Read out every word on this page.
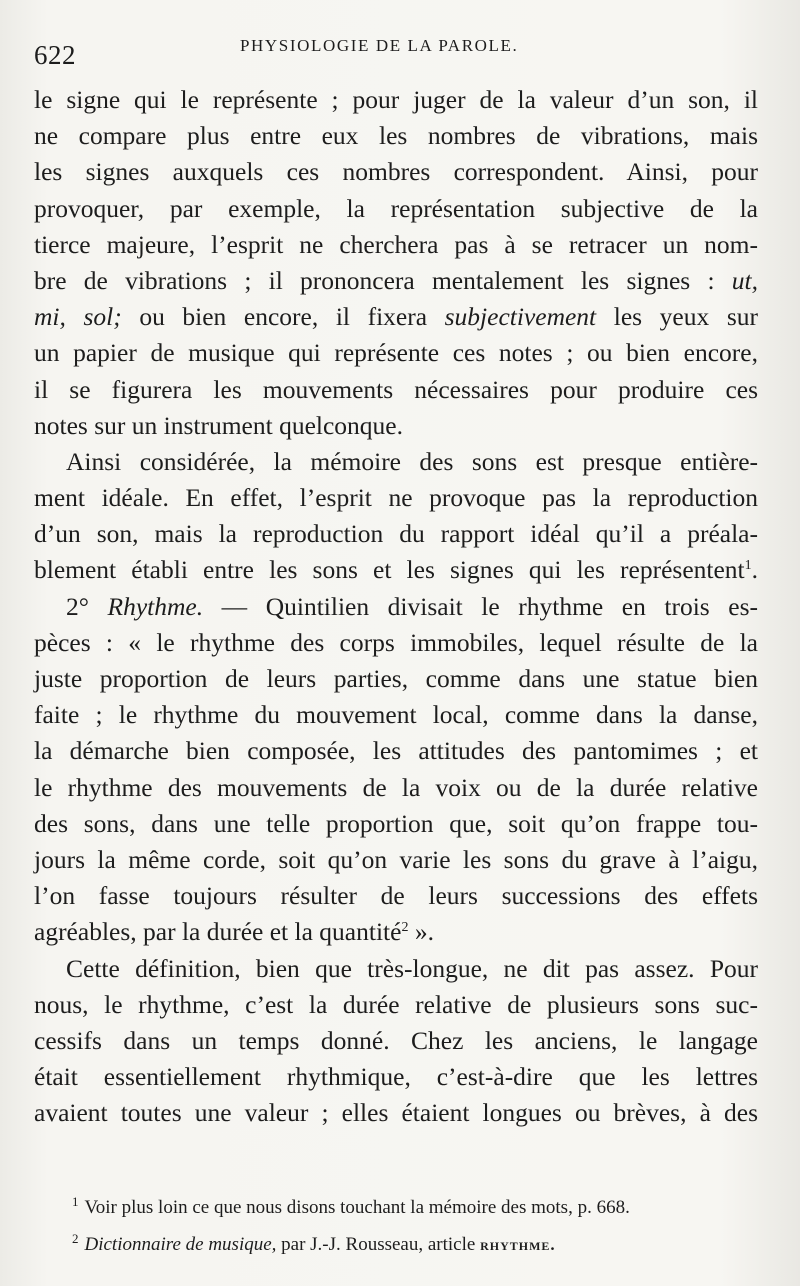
622	PHYSIOLOGIE DE LA PAROLE.
le signe qui le représente ; pour juger de la valeur d’un son, il
ne compare plus entre eux les nombres de vibrations, mais
les signes auxquels ces nombres correspondent. Ainsi, pour
provoquer, par exemple, la représentation subjective de la
tierce majeure, l’esprit ne cherchera pas à se retracer un nom-
bre de vibrations ; il prononcera mentalement les signes : ut,
mi, sol; ou bien encore, il fixera subjectivement les yeux sur
un papier de musique qui représente ces notes ; ou bien encore,
il se figurera les mouvements nécessaires pour produire ces
notes sur un instrument quelconque.
Ainsi considérée, la mémoire des sons est presque entière-
ment idéale. En effet, l’esprit ne provoque pas la reproduction
d’un son, mais la reproduction du rapport idéal qu’il a préala-
blement établi entre les sons et les signes qui les représentent$^1$.
2° Rhythme. — Quintilien divisait le rhythme en trois es-
pèces : « le rhythme des corps immobiles, lequel résulte de la
juste proportion de leurs parties, comme dans une statue bien
faite ; le rhythme du mouvement local, comme dans la danse,
la démarche bien composée, les attitudes des pantomimes ; et
le rhythme des mouvements de la voix ou de la durée relative
des sons, dans une telle proportion que, soit qu’on frappe tou-
jours la même corde, soit qu’on varie les sons du grave à l’aigu,
l’on fasse toujours résulter de leurs successions des effets
agréables, par la durée et la quantité$^2$ ».
Cette définition, bien que très-longue, ne dit pas assez. Pour
nous, le rhythme, c’est la durée relative de plusieurs sons suc-
cessifs dans un temps donné. Chez les anciens, le langage
était essentiellement rhythmique, c’est-à-dire que les lettres
avaient toutes une valeur ; elles étaient longues ou brèves, à des
$^1$ Voir plus loin ce que nous disons touchant la mémoire des mots, p. 668.
$^2$ Dictionnaire de musique, par J.-J. Rousseau, article rhythme.
